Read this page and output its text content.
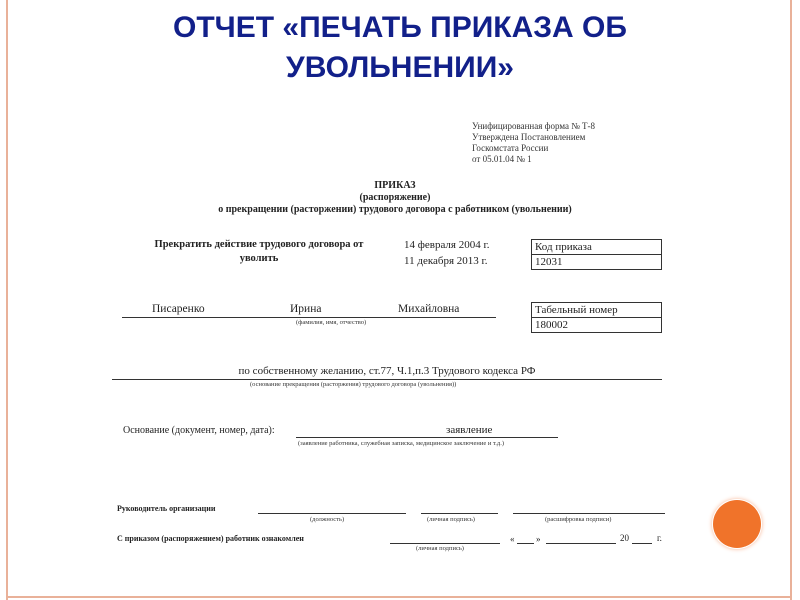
ОТЧЕТ «ПЕЧАТЬ ПРИКАЗА ОБ
УВОЛЬНЕНИИ»
Унифицированная форма № Т-8
Утверждена Постановлением
Госкомстата России
от 05.01.04 № 1
ПРИКАЗ
(распоряжение)
о прекращении (расторжении) трудового договора с работником (увольнении)
Прекратить действие трудового договора от
уволить
14 февраля 2004 г.
11 декабря 2013 г.
Код приказа
12031
Писаренко	Ирина	Михайловна
(фамилия, имя, отчество)
Табельный номер
180002
по собственному желанию, ст.77, Ч.1,п.3 Трудового кодекса РФ
(основание прекращения (расторжения) трудового договора (увольнения))
Основание (документ, номер, дата):	заявление
(заявление работника, служебная записка, медицинское заключение и т.д.)
Руководитель организации
(должность)	(личная подпись)	(расшифровка подписи)
С приказом (распоряжением) работник ознакомлен
(личная подпись)
« »	20	г.
